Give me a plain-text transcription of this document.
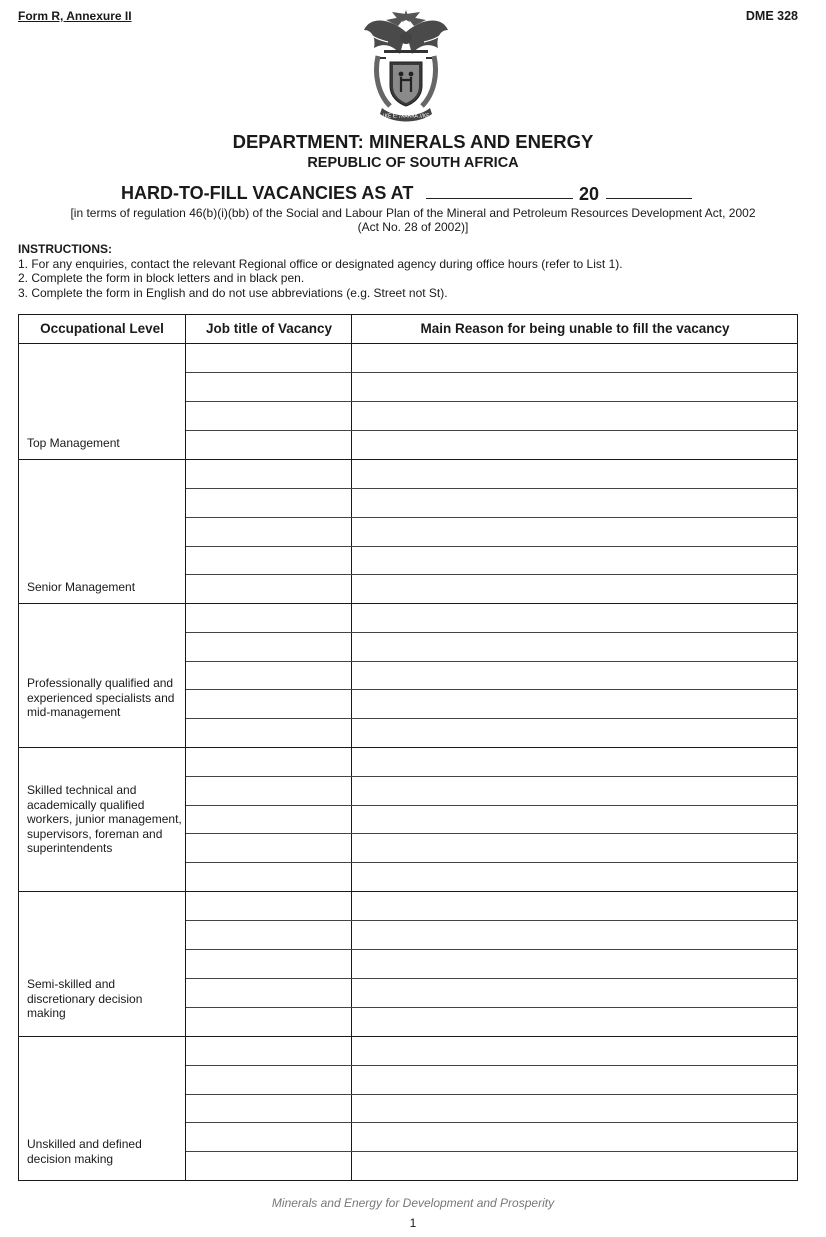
Form R, Annexure II	DME 328
!KE E: /XARRA //KE
DEPARTMENT: MINERALS AND ENERGY
REPUBLIC OF SOUTH AFRICA
HARD-TO-FILL VACANCIES AS AT	20
[in terms of regulation 46(b)(i)(bb) of the Social and Labour Plan of the Mineral and Petroleum Resources Development Act, 2002
(Act No. 28 of 2002)]
INSTRUCTIONS:
1. For any enquiries, contact the relevant Regional office or designated agency during office hours (refer to List 1).
2. Complete the form in block letters and in black pen.
3. Complete the form in English and do not use abbreviations (e.g. Street not St).
Occupational Level	Job title of Vacancy	Main Reason for being unable to fill the vacancy
Top Management
Senior Management
Professionally qualified and experienced specialists and mid-management
Skilled technical and academically qualified workers, junior management, supervisors, foreman and superintendents
Semi-skilled and discretionary decision making
Unskilled and defined decision making
Minerals and Energy for Development and Prosperity
1
